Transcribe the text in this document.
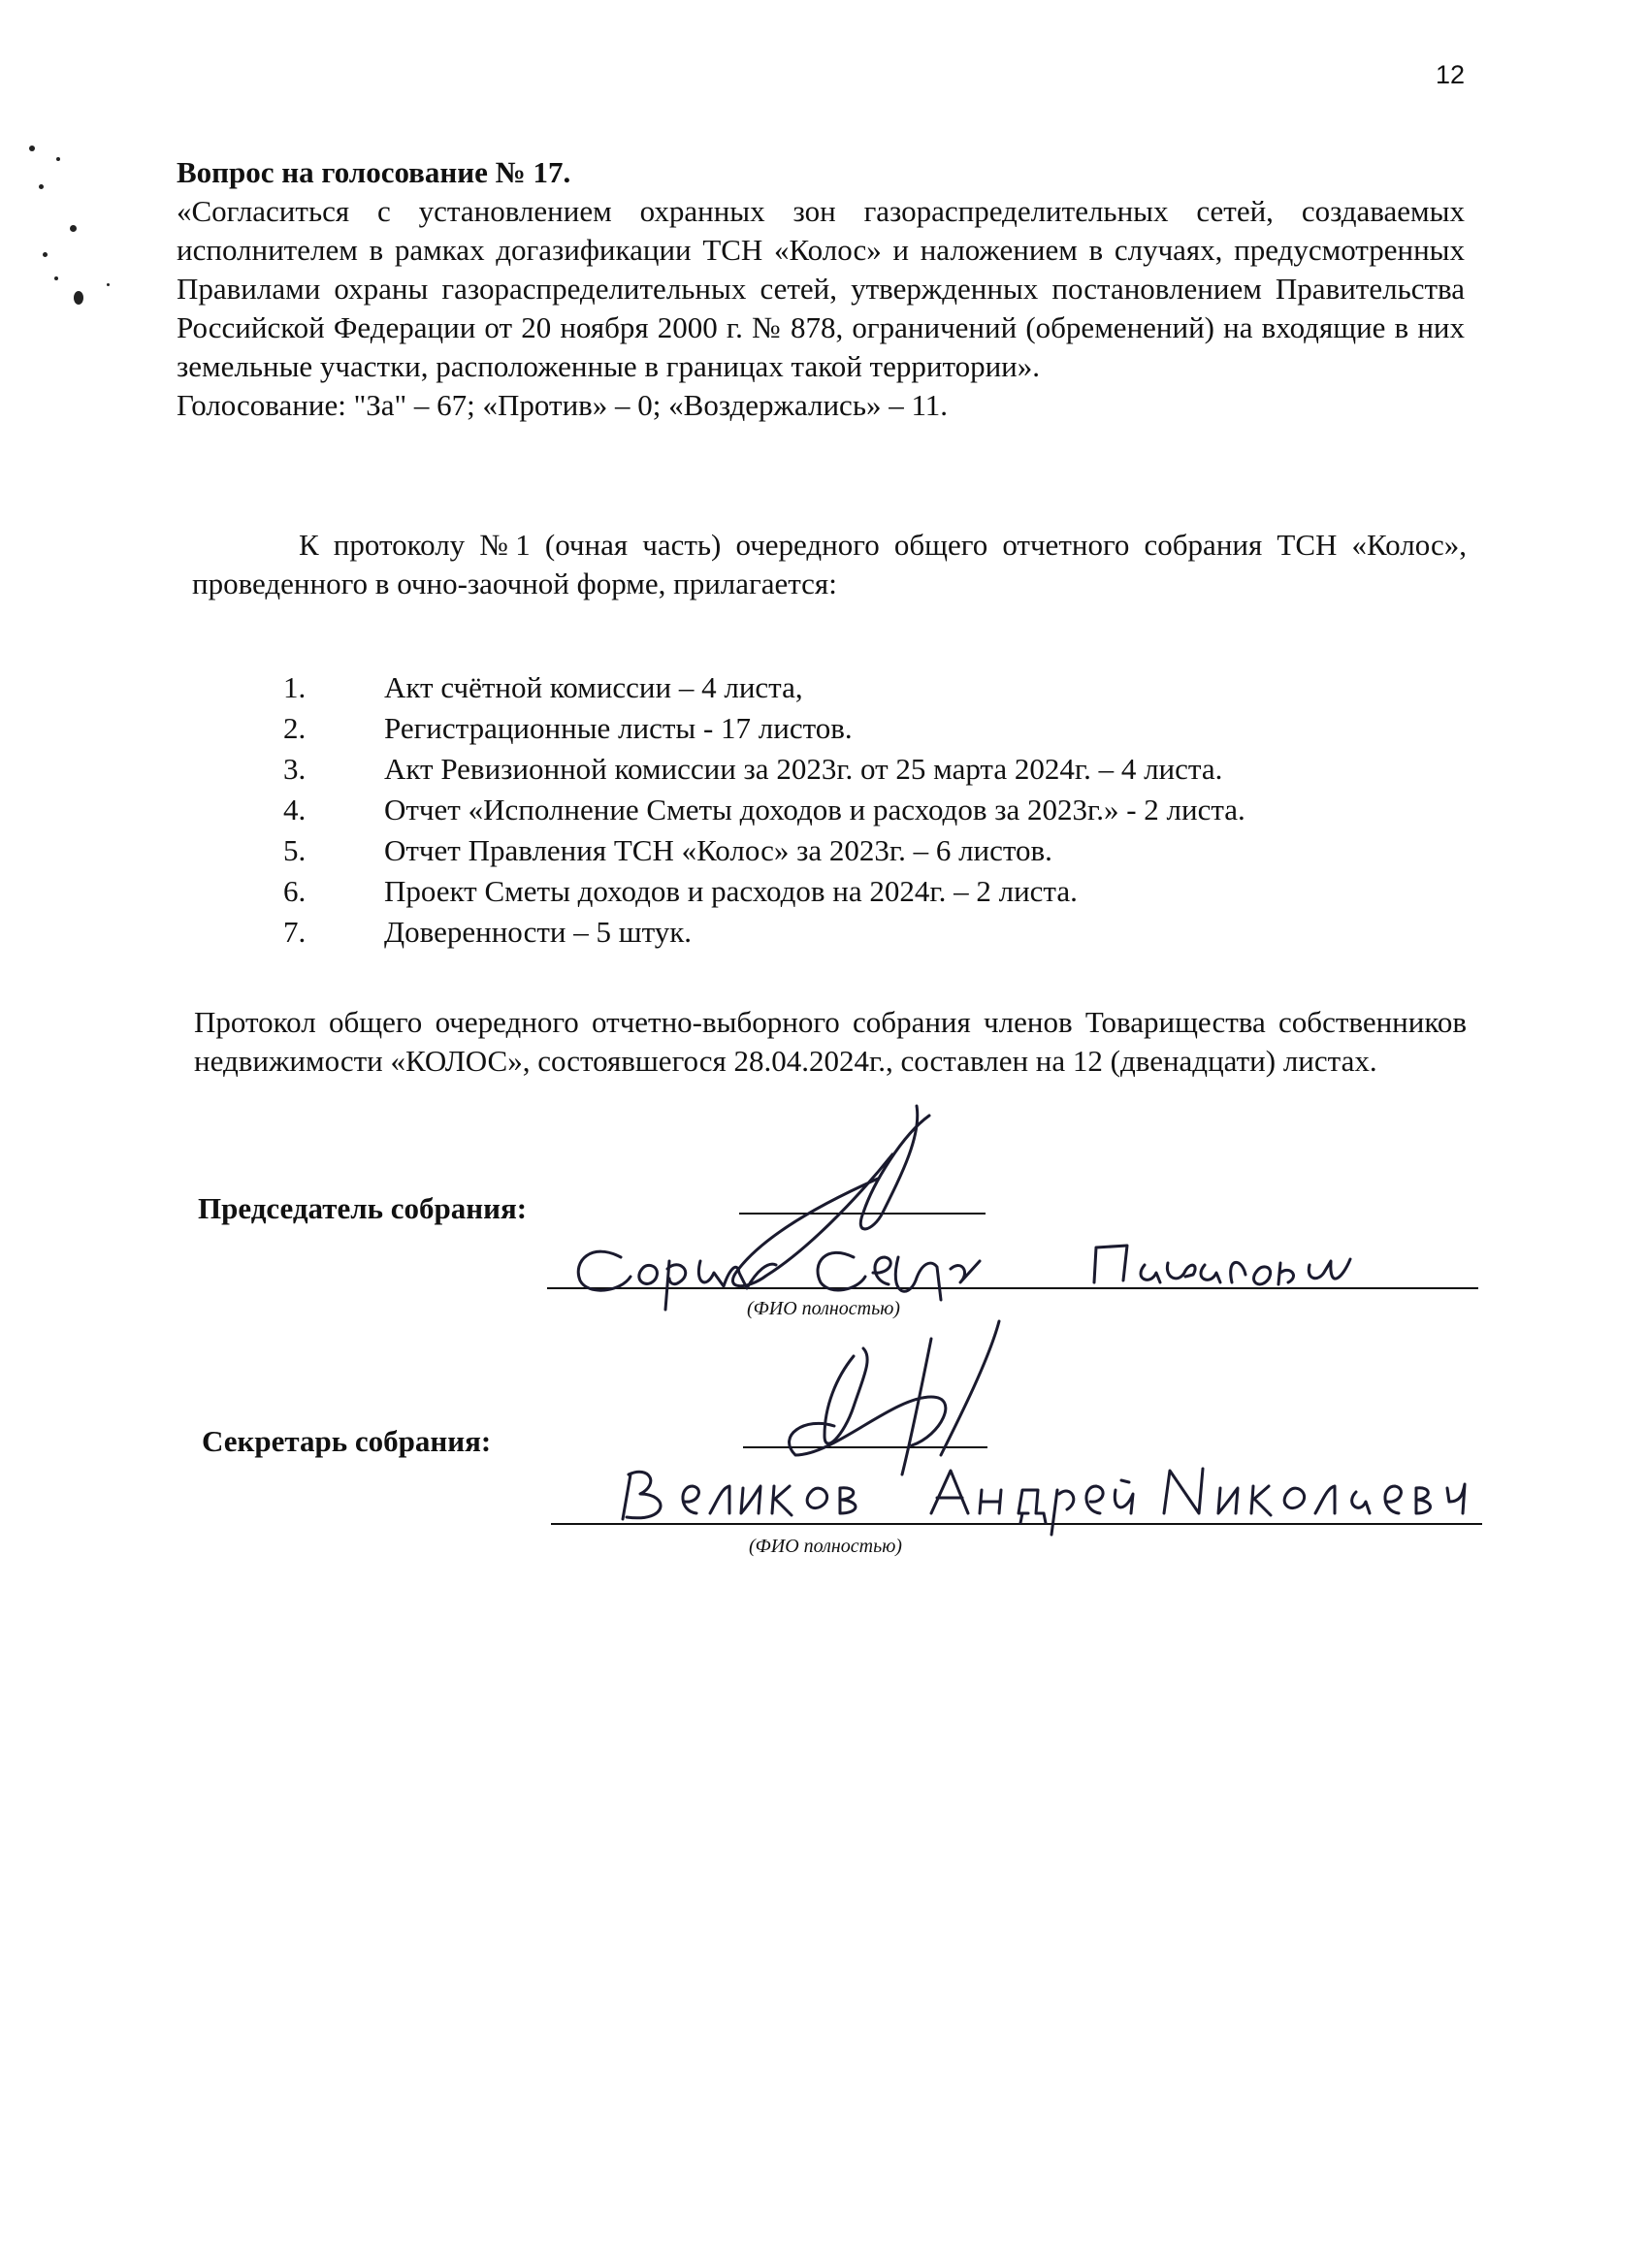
12

Вопрос на голосование № 17.

«Согласиться с установлением охранных зон газораспределительных сетей, создаваемых исполнителем в рамках догазификации ТСН «Колос» и наложением в случаях, предусмотренных Правилами охраны газораспределительных сетей, утвержденных постановлением Правительства Российской Федерации от 20 ноября 2000 г. № 878, ограничений (обременений) на входящие в них земельные участки, расположенные в границах такой территории».

Голосование: "За" – 67; «Против» – 0; «Воздержались» – 11.

К протоколу №1 (очная часть) очередного общего отчетного собрания ТСН «Колос», проведенного в очно-заочной форме, прилагается:

1.	Акт счётной комиссии – 4 листа,
2.	Регистрационные листы - 17 листов.
3.	Акт Ревизионной комиссии за 2023г. от 25 марта 2024г. – 4 листа.
4.	Отчет «Исполнение Сметы доходов и расходов за 2023г.» - 2 листа.
5.	Отчет Правления ТСН «Колос» за 2023г. – 6 листов.
6.	Проект Сметы доходов и расходов на 2024г. – 2 листа.
7.	Доверенности – 5 штук.

Протокол общего очередного отчетно-выборного собрания членов Товарищества собственников недвижимости «КОЛОС», состоявшегося 28.04.2024г., составлен на 12 (двенадцати) листах.

Председатель собрания:
(ФИО полностью)
Секретарь собрания:
(ФИО полностью)
